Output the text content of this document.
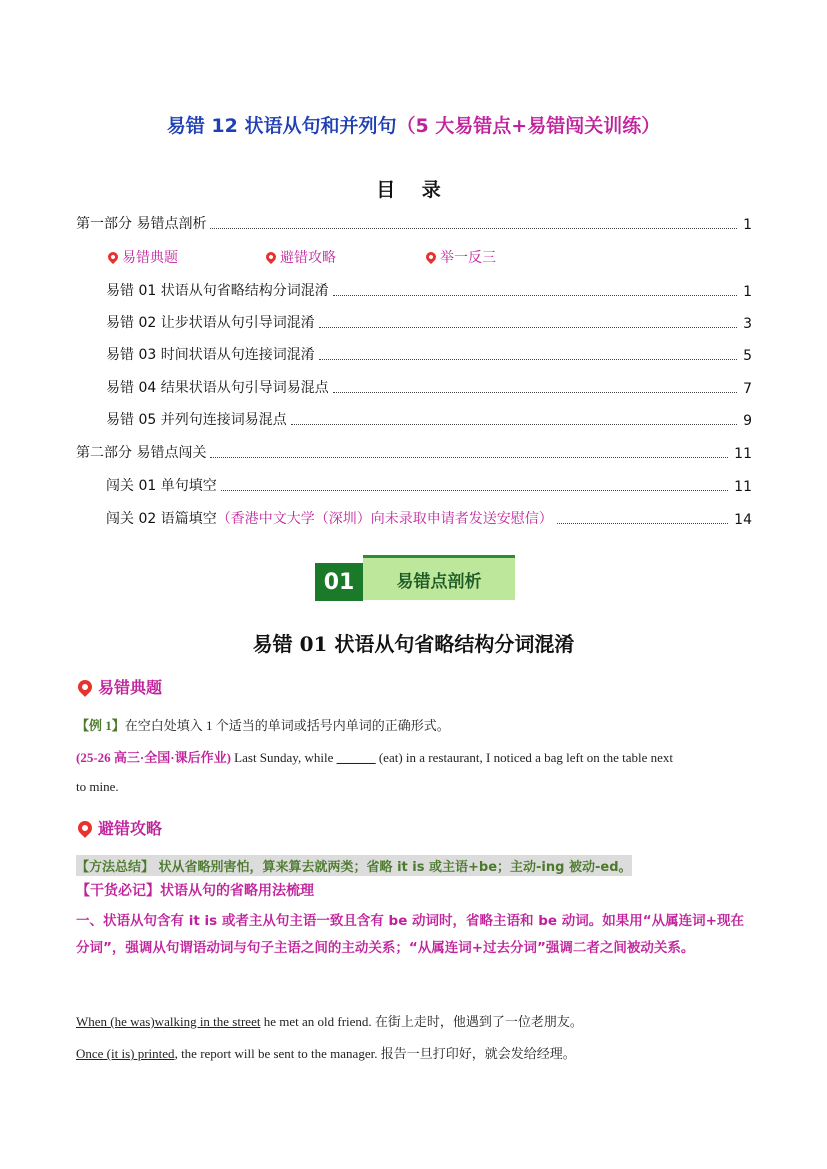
易错 12 状语从句和并列句（5 大易错点+易错闯关训练）
目 录
第一部分 易错点剖析	1
易错典题	避错攻略	举一反三
易错 01 状语从句省略结构分词混淆	1
易错 02 让步状语从句引导词混淆	3
易错 03 时间状语从句连接词混淆	5
易错 04 结果状语从句引导词易混点	7
易错 05 并列句连接词易混点	9
第二部分 易错点闯关	11
闯关 01 单句填空	11
闯关 02 语篇填空（香港中文大学（深圳）向未录取申请者发送安慰信）	14
01	易错点剖析
易错 01 状语从句省略结构分词混淆
易错典题
【例 1】在空白处填入 1 个适当的单词或括号内单词的正确形式。
(25-26 高三·全国·课后作业) Last Sunday, while ______ (eat) in a restaurant, I noticed a bag left on the table next
to mine.
避错攻略
【方法总结】 状从省略别害怕，算来算去就两类；省略 it is 或主语+be；主动-ing 被动-ed。
【干货必记】状语从句的省略用法梳理
一、状语从句含有 it is 或者主从句主语一致且含有 be 动词时，省略主语和 be 动词。如果用“从属连词+现在分词”，强调从句谓语动词与句子主语之间的主动关系；“从属连词+过去分词”强调二者之间被动关系。
When (he was)walking in the street he met an old friend. 在街上走时，他遇到了一位老朋友。
Once (it is) printed, the report will be sent to the manager. 报告一旦打印好，就会发给经理。
